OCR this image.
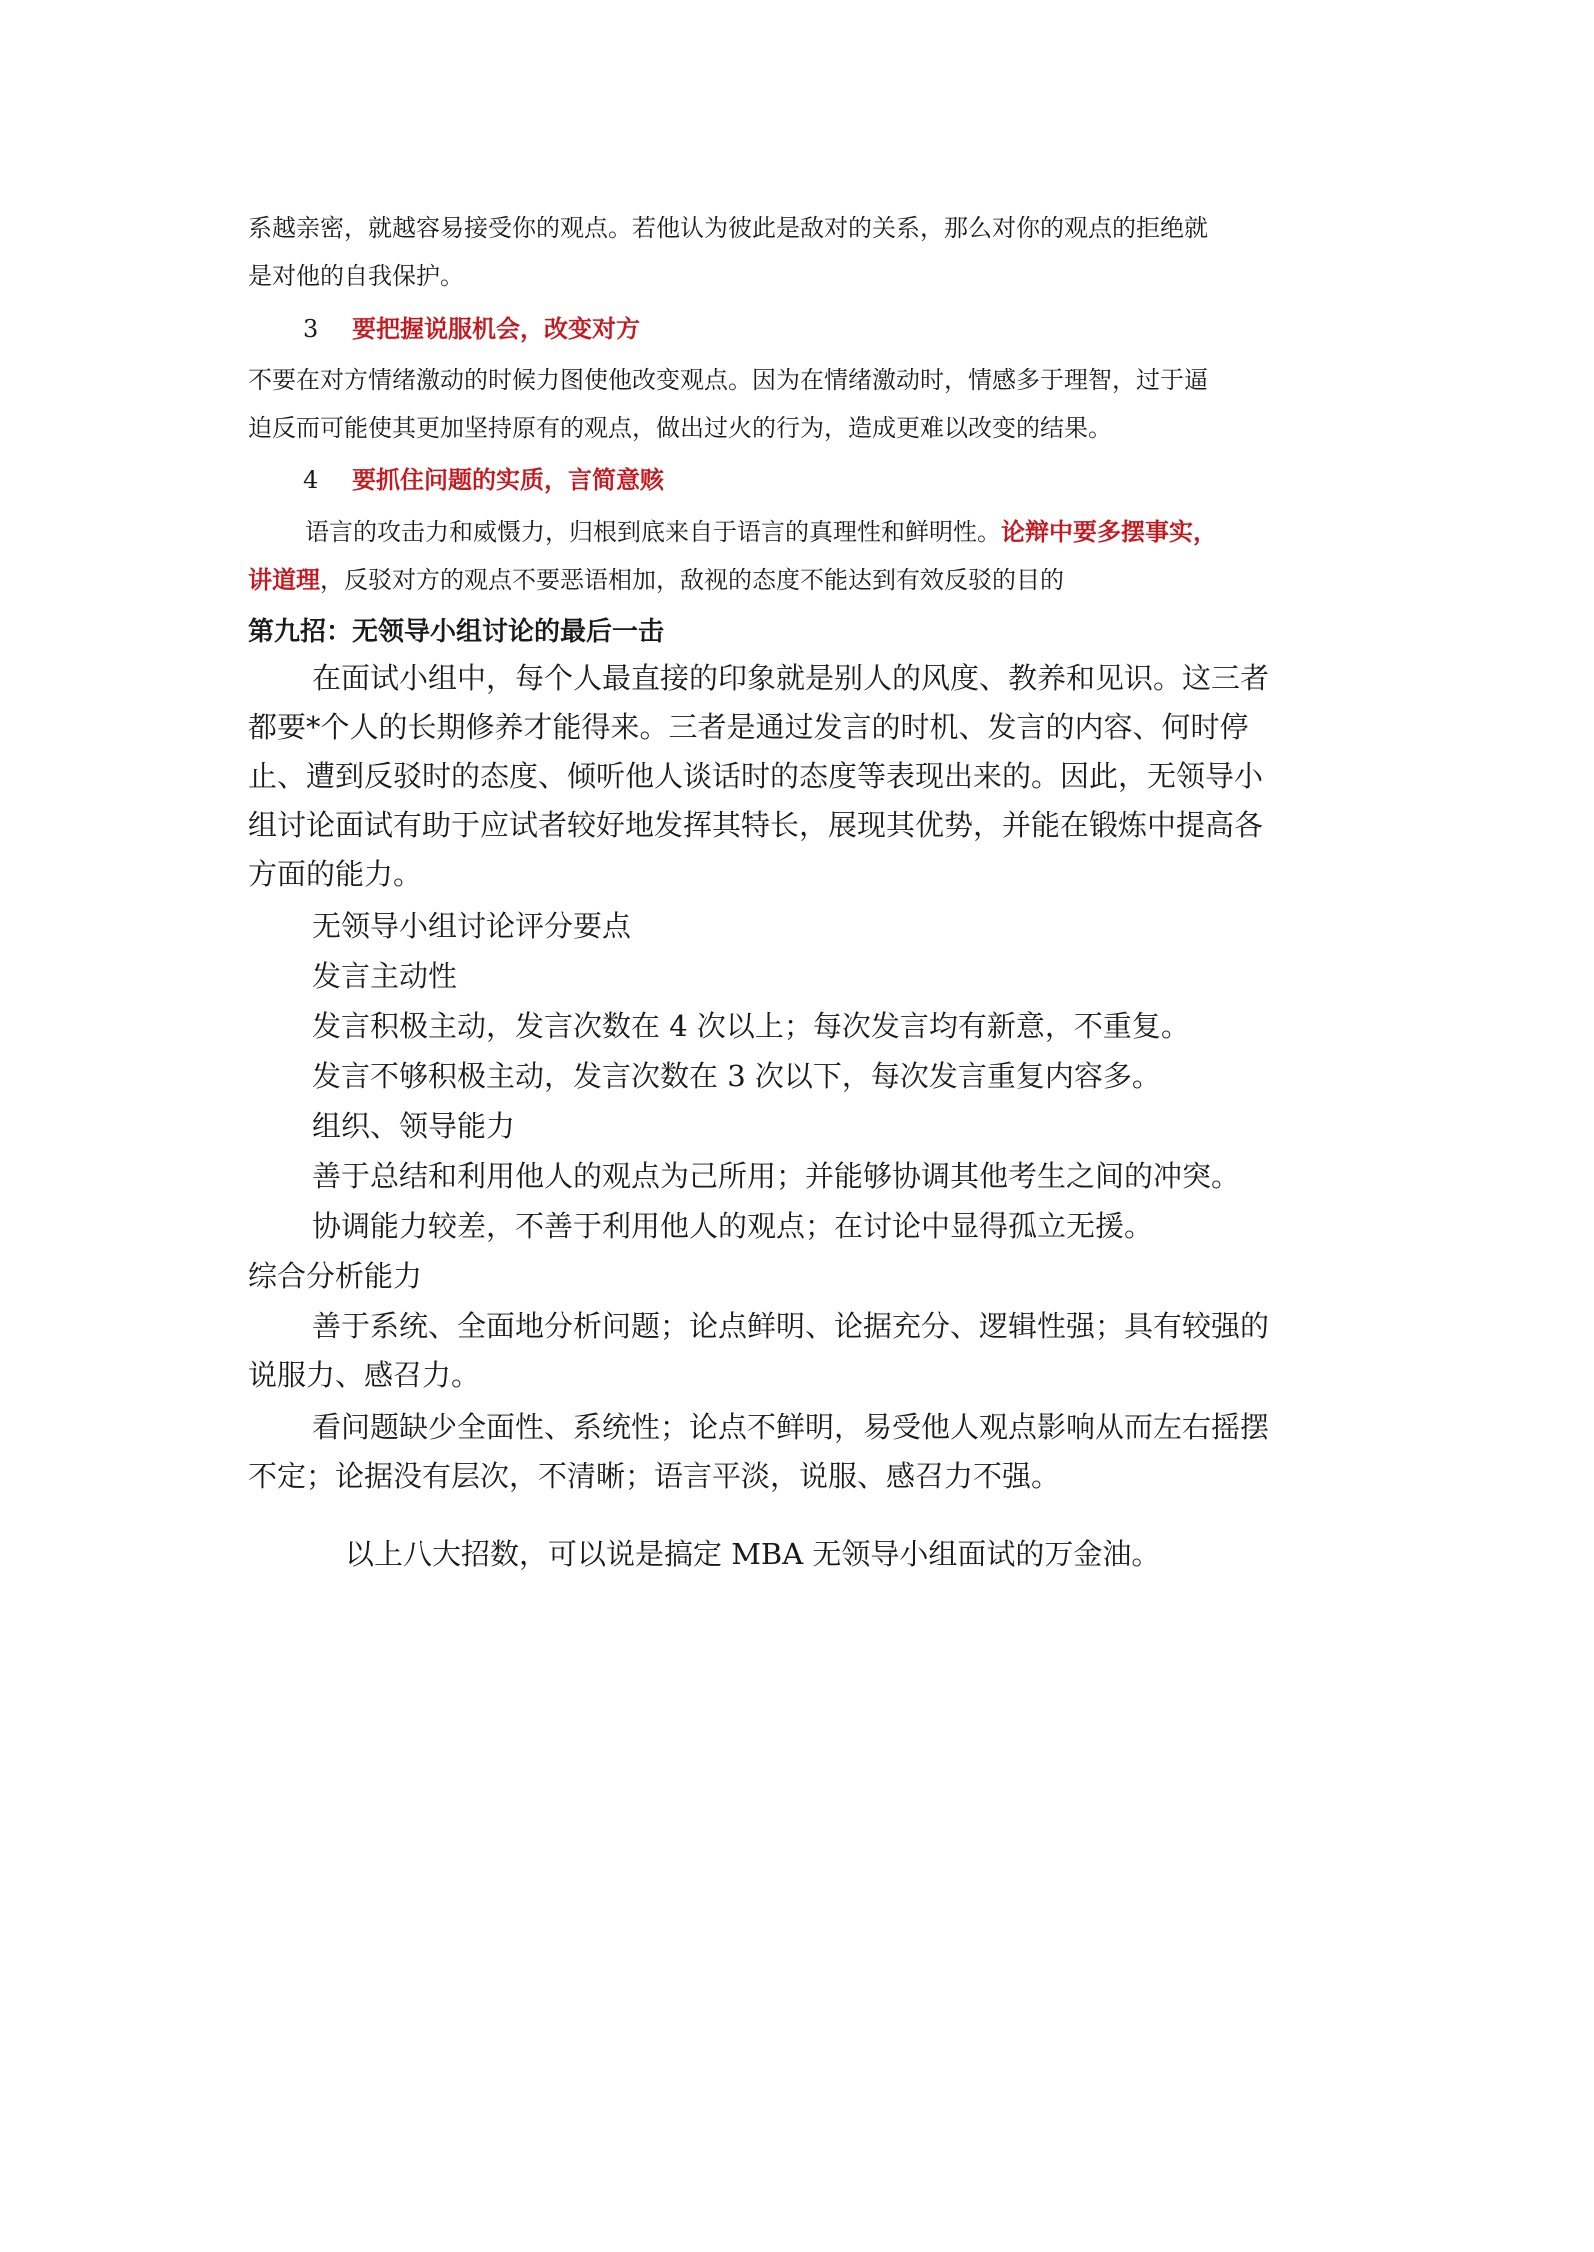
系越亲密，就越容易接受你的观点。若他认为彼此是敌对的关系，那么对你的观点的拒绝就
是对他的自我保护。
3 要把握说服机会，改变对方
不要在对方情绪激动的时候力图使他改变观点。因为在情绪激动时，情感多于理智，过于逼
迫反而可能使其更加坚持原有的观点，做出过火的行为，造成更难以改变的结果。
4 要抓住问题的实质，言简意赅
语言的攻击力和威慑力，归根到底来自于语言的真理性和鲜明性。论辩中要多摆事实，
讲道理，反驳对方的观点不要恶语相加，敌视的态度不能达到有效反驳的目的
第九招：无领导小组讨论的最后一击
在面试小组中，每个人最直接的印象就是别人的风度、教养和见识。这三者
都要*个人的长期修养才能得来。三者是通过发言的时机、发言的内容、何时停
止、遭到反驳时的态度、倾听他人谈话时的态度等表现出来的。因此，无领导小
组讨论面试有助于应试者较好地发挥其特长，展现其优势，并能在锻炼中提高各
方面的能力。
无领导小组讨论评分要点
发言主动性
发言积极主动，发言次数在 4 次以上；每次发言均有新意，不重复。
发言不够积极主动，发言次数在 3 次以下，每次发言重复内容多。
组织、领导能力
善于总结和利用他人的观点为己所用；并能够协调其他考生之间的冲突。
协调能力较差，不善于利用他人的观点；在讨论中显得孤立无援。
综合分析能力
善于系统、全面地分析问题；论点鲜明、论据充分、逻辑性强；具有较强的
说服力、感召力。
看问题缺少全面性、系统性；论点不鲜明，易受他人观点影响从而左右摇摆
不定；论据没有层次，不清晰；语言平淡，说服、感召力不强。
以上八大招数，可以说是搞定 MBA 无领导小组面试的万金油。
